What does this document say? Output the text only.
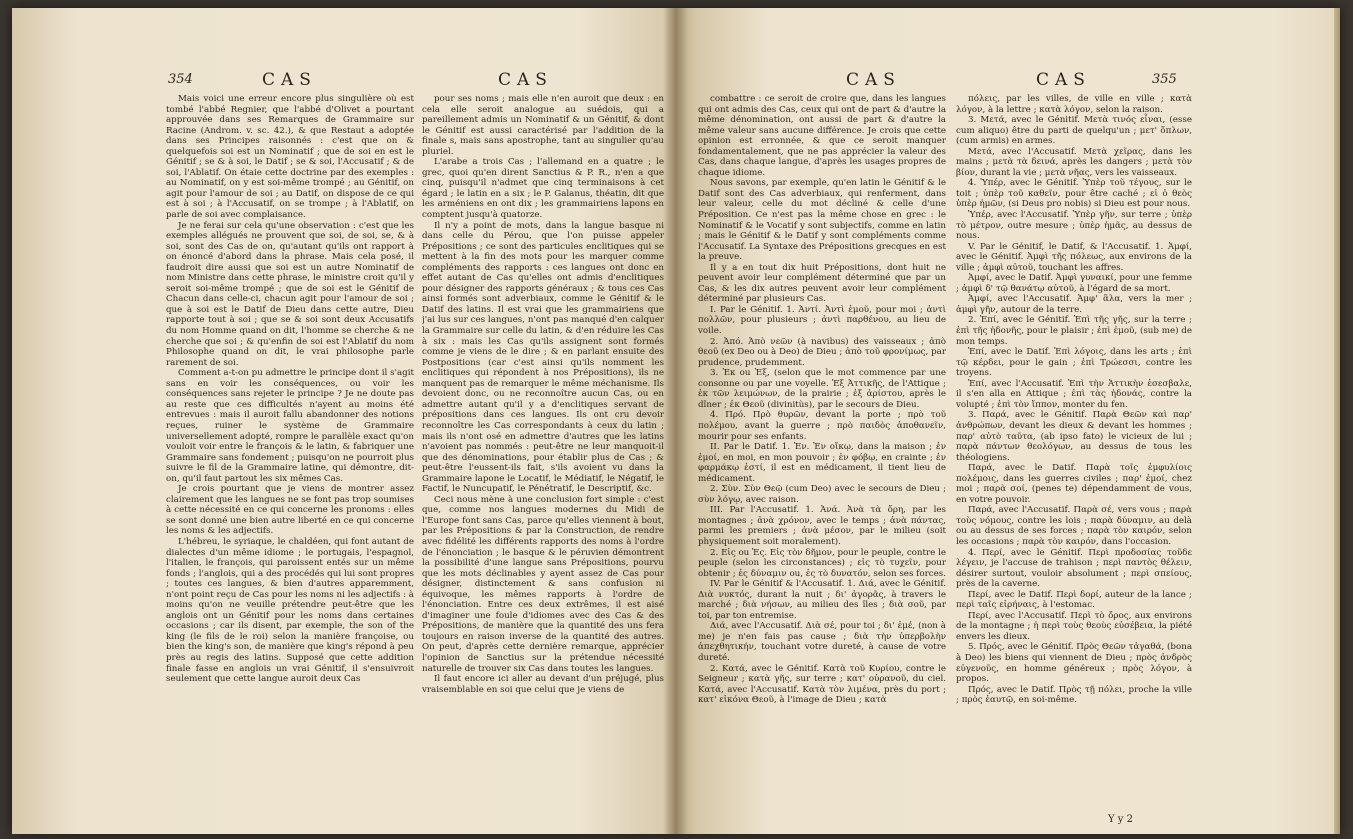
354	CAS	CAS

Mais voici une erreur encore plus singulière où est tombé l'abbé Regnier, que l'abbé d'Olivet a pourtant approuvée dans ses Remarques de Grammaire sur Racine (Androm. v. sc. 42.), & que Restaut a adoptée dans ses Principes raisonnés : c'est que on & quelquefois soi est un Nominatif ; que de soi en est le Génitif ; se & à soi, le Datif ; se & soi, l'Accusatif ; & de soi, l'Ablatif. On étaie cette doctrine par des exemples : au Nominatif, on y est soi-même trompé ; au Génitif, on agit pour l'amour de soi ; au Datif, on dispose de ce qui est à soi ; à l'Accusatif, on se trompe ; à l'Ablatif, on parle de soi avec complaisance.

Je ne ferai sur cela qu'une observation : c'est que les exemples allégués ne prouvent que soi, de soi, se, & à soi, sont des Cas de on, qu'autant qu'ils ont rapport à on énoncé d'abord dans la phrase. Mais cela posé, il faudroit dire aussi que soi est un autre Nominatif de nom Ministre dans cette phrase, le ministre croit qu'il y seroit soi-même trompé ; que de soi est le Génitif de Chacun dans celle-ci, chacun agit pour l'amour de soi ; que à soi est le Datif de Dieu dans cette autre, Dieu rapporte tout à soi ; que se & soi sont deux Accusatifs du nom Homme quand on dit, l'homme se cherche & ne cherche que soi ; & qu'enfin de soi est l'Ablatif du nom Philosophe quand on dit, le vrai philosophe parle rarement de soi.

Comment a-t-on pu admettre le principe dont il s'agit sans en voir les conséquences, ou voir les conséquences sans rejeter le principe ? Je ne doute pas au reste que ces difficultés n'ayent au moins été entrevues : mais il auroit fallu abandonner des notions reçues, ruiner le système de Grammaire universellement adopté, rompre le parallèle exact qu'on vouloit voir entre le françois & le latin, & fabriquer une Grammaire sans fondement ; puisqu'on ne pourroit plus suivre le fil de la Grammaire latine, qui démontre, dit-on, qu'il faut partout les six mêmes Cas.

Je crois pourtant que je viens de montrer assez clairement que les langues ne se font pas trop soumises à cette nécessité en ce qui concerne les pronoms : elles se sont donné une bien autre liberté en ce qui concerne les noms & les adjectifs.

L'hébreu, le syriaque, le chaldéen, qui font autant de dialectes d'un même idiome ; le portugais, l'espagnol, l'italien, le françois, qui paroissent entés sur un même fonds ; l'anglois, qui a des procédés qui lui sont propres ; toutes ces langues, & bien d'autres apparemment, n'ont point reçu de Cas pour les noms ni les adjectifs : à moins qu'on ne veuille prétendre peut-être que les anglois ont un Génitif pour les noms dans certaines occasions ; car ils disent, par exemple, the son of the king (le fils de le roi) selon la manière françoise, ou bien the king's son, de manière que king's répond à peu près au regis des latins. Supposé que cette addition finale fasse en anglois un vrai Génitif, il s'ensuivroit seulement que cette langue auroit deux Cas

pour ses noms ; mais elle n'en auroit que deux : en cela elle seroit analogue au suédois, qui a pareillement admis un Nominatif & un Génitif, & dont le Génitif est aussi caractérisé par l'addition de la finale s, mais sans apostrophe, tant au singulier qu'au pluriel.

L'arabe a trois Cas ; l'allemand en a quatre ; le grec, quoi qu'en dirent Sanctius & P. R., n'en a que cinq, puisqu'il n'admet que cinq terminaisons à cet égard ; le latin en a six ; le P. Galanus, théatin, dit que les arméniens en ont dix ; les grammairiens lapons en comptent jusqu'à quatorze.

Il n'y a point de mots, dans la langue basque ni dans celle du Pérou, que l'on puisse appeler Prépositions ; ce sont des particules enclitiques qui se mettent à la fin des mots pour les marquer comme compléments des rapports : ces langues ont donc en effet autant de Cas qu'elles ont admis d'enclitiques pour désigner des rapports généraux ; & tous ces Cas ainsi formés sont adverbiaux, comme le Génitif & le Datif des latins. Il est vrai que les grammairiens que j'ai lus sur ces langues, n'ont pas manqué d'en calquer la Grammaire sur celle du latin, & d'en réduire les Cas à six : mais les Cas qu'ils assignent sont formés comme je viens de le dire ; & en parlant ensuite des Postpositions (car c'est ainsi qu'ils nomment les enclitiques qui répondent à nos Prépositions), ils ne manquent pas de remarquer le même méchanisme. Ils devoient donc, ou ne reconnoître aucun Cas, ou en admettre autant qu'il y a d'enclitiques servant de prépositions dans ces langues. Ils ont cru devoir reconnoître les Cas correspondants à ceux du latin ; mais ils n'ont osé en admettre d'autres que les latins n'avoient pas nommés : peut-être ne leur manquoit-il que des dénominations, pour établir plus de Cas ; & peut-être l'eussent-ils fait, s'ils avoient vu dans la Grammaire lapone le Locatif, le Médiatif, le Négatif, le Factif, le Nuncupatif, le Pénétratif, le Descriptif, &c.

Ceci nous mène à une conclusion fort simple : c'est que, comme nos langues modernes du Midi de l'Europe font sans Cas, parce qu'elles viennent à bout, par les Prépositions & par la Construction, de rendre avec fidélité les différents rapports des noms à l'ordre de l'énonciation ; le basque & le péruvien démontrent la possibilité d'une langue sans Prépositions, pourvu que les mots déclinables y ayent assez de Cas pour désigner, distinctement & sans confusion ni équivoque, les mêmes rapports à l'ordre de l'énonciation. Entre ces deux extrêmes, il est aisé d'imaginer une foule d'idiomes avec des Cas & des Prépositions, de manière que la quantité des uns fera toujours en raison inverse de la quantité des autres. On peut, d'après cette dernière remarque, apprécier l'opinion de Sanctius sur la prétendue nécessité naturelle de trouver six Cas dans toutes les langues.

Il faut encore ici aller au devant d'un préjugé, plus vraisemblable en soi que celui que je viens de

CAS	CAS	355

combattre : ce seroit de croire que, dans les langues qui ont admis des Cas, ceux qui ont de part & d'autre la même dénomination, ont aussi de part & d'autre la même valeur sans aucune différence. Je crois que cette opinion est erronnée, & que ce seroit manquer fondamentalement, que ne pas apprécier la valeur des Cas, dans chaque langue, d'après les usages propres de chaque idiome.

Nous savons, par exemple, qu'en latin le Génitif & le Datif sont des Cas adverbiaux, qui renferment, dans leur valeur, celle du mot décliné & celle d'une Préposition. Ce n'est pas la même chose en grec : le Nominatif & le Vocatif y sont subjectifs, comme en latin ; mais le Génitif & le Datif y sont compléments comme l'Accusatif. La Syntaxe des Prépositions grecques en est la preuve.

Il y a en tout dix huit Prépositions, dont huit ne peuvent avoir leur complément déterminé que par un Cas, & les dix autres peuvent avoir leur complément déterminé par plusieurs Cas.

I. Par le Génitif. 1. Ἀντί. Ἀντὶ ἐμοῦ, pour moi ; ἀντὶ πολλῶν, pour plusieurs ; ἀντὶ παρθένου, au lieu de voile.

2. Ἀπό. Ἀπὸ νεῶν (à navibus) des vaisseaux ; ἀπὸ θεοῦ (ex Deo ou à Deo) de Dieu ; ἀπὸ τοῦ φρονίμως, par prudence, prudemment.

3. Ἐκ ou Ἐξ, (selon que le mot commence par une consonne ou par une voyelle. Ἐξ Ἀττικῆς, de l'Attique ; ἐκ τῶν λειμώνων, de la prairie ; ἐξ ἀρίστου, après le dîner ; ἐκ Θεοῦ (divinitùs), par le secours de Dieu.

4. Πρό. Πρὸ θυρῶν, devant la porte ; πρὸ τοῦ πολέμου, avant la guerre ; πρὸ παιδὸς ἀποθανεῖν, mourir pour ses enfants.

II. Par le Datif. 1. Ἐν. Ἐν οἴκῳ, dans la maison ; ἐν ἐμοί, en moi, en mon pouvoir ; ἐν φόβῳ, en crainte ; ἐν φαρμάκῳ ἐστί, il est en médicament, il tient lieu de médicament.

2. Σὺν. Σὺν Θεῷ (cum Deo) avec le secours de Dieu ; σὺν λόγῳ, avec raison.

III. Par l'Accusatif. 1. Ἀνά. Ἀνὰ τὰ ὄρη, par les montagnes ; ἀνὰ χρόνον, avec le temps ; ἀνὰ πάντας, parmi les premiers ; ἀνὰ μέσον, par le milieu (soit physiquement soit moralement).

2. Εἰς ou Ἐς. Εἰς τὸν δῆμον, pour le peuple, contre le peuple (selon les circonstances) ; εἰς τὸ τυχεῖν, pour obtenir ; ἐς δύναμιν ou, ἐς τὸ δυνατόν, selon ses forces.

IV. Par le Génitif & l'Accusatif. 1. Διά, avec le Génitif. Διὰ νυκτός, durant la nuit ; δι' ἀγορᾶς, à travers le marché ; διὰ νήσων, au milieu des îles ; διὰ σοῦ, par toi, par ton entremise.

Διά, avec l'Accusatif. Διὰ σέ, pour toi ; δι' ἐμέ, (non à me) je n'en fais pas cause ; διὰ τὴν ὑπερβολὴν ἀπεχθητικήν, touchant votre dureté, à cause de votre dureté.

2. Κατά, avec le Génitif. Κατὰ τοῦ Κυρίου, contre le Seigneur ; κατὰ γῆς, sur terre ; κατ' οὐρανοῦ, du ciel. Κατά, avec l'Accusatif. Κατὰ τὸν λιμένα, près du port ; κατ' εἰκόνα Θεοῦ, à l'image de Dieu ; κατὰ

πόλεις, par les villes, de ville en ville ; κατὰ λόγον, à la lettre ; κατὰ λόγον, selon la raison.

3. Μετά, avec le Génitif. Μετὰ τινός εἶναι, (esse cum aliquo) être du parti de quelqu'un ; μετ' ὅπλων, (cum armis) en armes.

Μετά, avec l'Accusatif. Μετὰ χεῖρας, dans les mains ; μετὰ τὰ δεινά, après les dangers ; μετὰ τὸν βίον, durant la vie ; μετὰ νῆας, vers les vaisseaux.

4. Ὑπέρ, avec le Génitif. Ὑπὲρ τοῦ τέγους, sur le toit ; ὑπὲρ τοῦ καθεῖν, pour être caché ; εἰ ὁ θεὸς ὑπὲρ ἡμῶν, (si Deus pro nobis) si Dieu est pour nous.

Ὑπέρ, avec l'Accusatif. Ὑπὲρ γῆν, sur terre ; ὑπὲρ τὸ μέτρον, outre mesure ; ὑπὲρ ἡμᾶς, au dessus de nous.

V. Par le Génitif, le Datif, & l'Accusatif. 1. Ἀμφί, avec le Génitif. Ἀμφὶ τῆς πόλεως, aux environs de la ville ; ἀμφὶ αὐτοῦ, touchant les affres.

Ἀμφί, avec le Datif. Ἀμφὶ γυναικί, pour une femme ; ἀμφὶ δ' τῷ θανάτῳ αὐτοῦ, à l'égard de sa mort.

Ἀμφί, avec l'Accusatif. Ἀμφ' ἅλα, vers la mer ; ἀμφὶ γῆν, autour de la terre.

2. Ἐπί, avec le Génitif. Ἐπὶ τῆς γῆς, sur la terre ; ἐπὶ τῆς ἡδονῆς, pour le plaisir ; ἐπὶ ἐμοῦ, (sub me) de mon temps.

Ἐπί, avec le Datif. Ἐπὶ λόγοις, dans les arts ; ἐπὶ τῷ κέρδει, pour le gain ; ἐπὶ Τρώεσσι, contre les troyens.

Ἐπί, avec l'Accusatif. Ἐπὶ τὴν Ἀττικὴν ἐσεσβαλε, il s'en alla en Attique ; ἐπὶ τὰς ἡδονάς, contre la volupté ; ἐπὶ τὸν ἴππον, monter du fen.

3. Παρά, avec le Génitif. Παρὰ Θεῶν καὶ παρ' ἀνθρώπων, devant les dieux & devant les hommes ; παρ' αὐτὸ ταῦτα, (ab ipso fato) le vicieux de lui ; παρὰ πάντων θεολόγων, au dessus de tous les théologiens.

Παρά, avec le Datif. Παρὰ τοῖς ἐμφυλίοις πολέμοις, dans les guerres civiles ; παρ' ἐμοί, chez moi ; παρὰ σοί, (penes te) dépendamment de vous, en votre pouvoir.

Παρά, avec l'Accusatif. Παρὰ σέ, vers vous ; παρὰ τοὺς νόμους, contre les lois ; παρὰ δύναμιν, au delà ou au dessus de ses forces ; παρὰ τὸν καιρόν, selon les occasions ; παρὰ τὸν καιρόν, dans l'occasion.

4. Περί, avec le Génitif. Περὶ προδοσίας τοῦδε λέγειν, je l'accuse de trahison ; περὶ παντὸς θέλειν, désirer surtout, vouloir absolument ; περὶ σπείους, près de la caverne.

Περί, avec le Datif. Περὶ δορί, auteur de la lance ; περὶ ταῖς εἰρήναις, à l'estomac.

Περί, avec l'Accusatif. Περὶ τὸ ὄρος, aux environs de la montagne ; ἡ περὶ τοὺς θεοὺς εὐσέβεια, la piété envers les dieux.

5. Πρός, avec le Génitif. Πρὸς Θεῶν τἀγαθά, (bona à Deo) les biens qui viennent de Dieu ; πρὸς ἀνδρὸς εὐγενοῦς, en homme généreux ; πρὸς λόγον, à propos.

Πρός, avec le Datif. Πρὸς τῇ πόλει, proche la ville ; πρὸς ἑαυτῷ, en soi-même.

Y y 2
